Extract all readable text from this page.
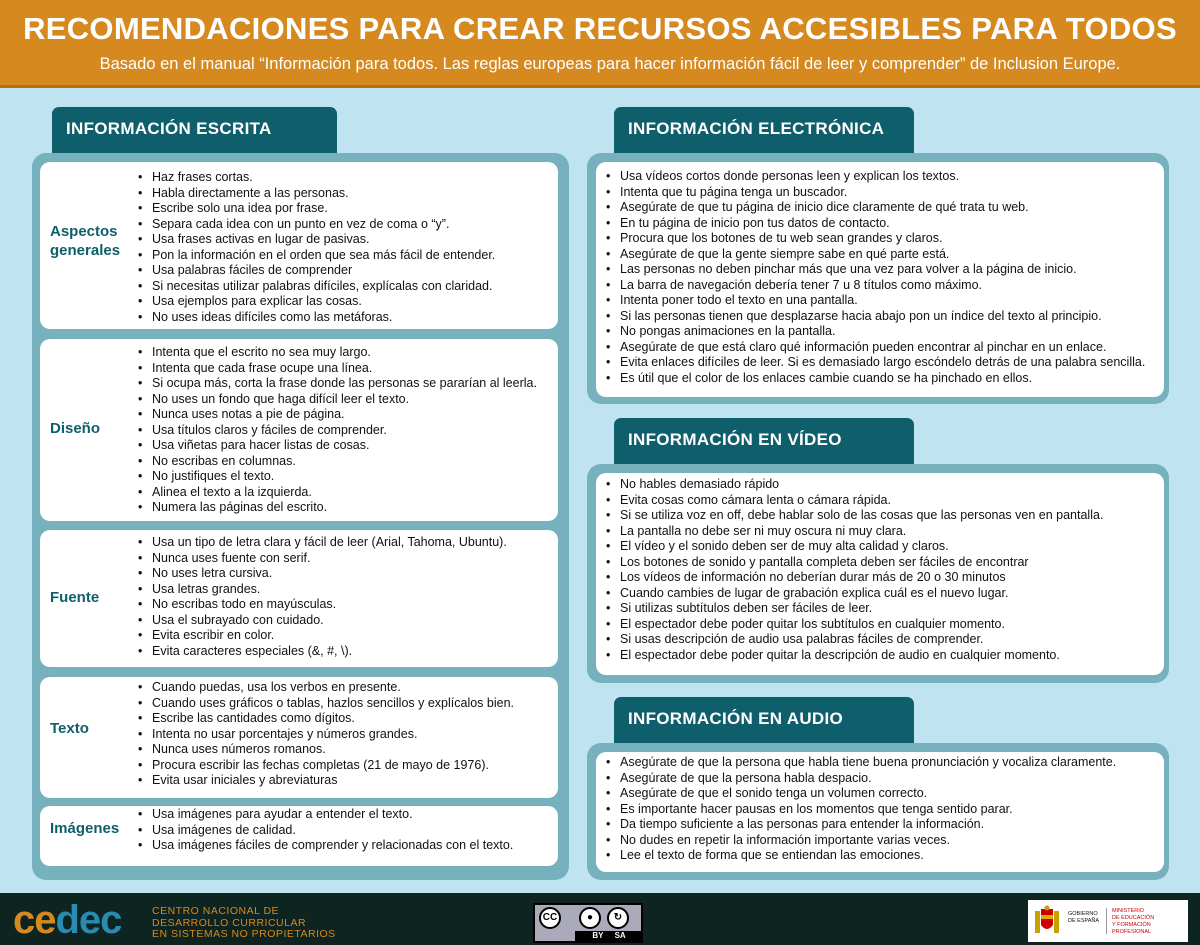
RECOMENDACIONES PARA CREAR RECURSOS ACCESIBLES PARA TODOS
Basado en el manual “Información para todos. Las reglas europeas para hacer información fácil de leer y comprender” de Inclusion Europe.
INFORMACIÓN ESCRITA
Aspectos generales
• Haz frases cortas.
• Habla directamente a las personas.
• Escribe solo una idea por frase.
• Separa cada idea con un punto en vez de coma o “y”.
• Usa frases activas en lugar de pasivas.
• Pon la información en el orden que sea más fácil de entender.
• Usa palabras fáciles de comprender
• Si necesitas utilizar palabras difíciles, explícalas con claridad.
• Usa ejemplos para explicar las cosas.
• No uses ideas difíciles como las metáforas.
Diseño
• Intenta que el escrito no sea muy largo.
• Intenta que cada frase ocupe una línea.
• Si ocupa más, corta la frase donde las personas se pararían al leerla.
• No uses un fondo que haga difícil leer el texto.
• Nunca uses notas a pie de página.
• Usa títulos claros y fáciles de comprender.
• Usa viñetas para hacer listas de cosas.
• No escribas en columnas.
• No justifiques el texto.
• Alinea el texto a la izquierda.
• Numera las páginas del escrito.
Fuente
• Usa un tipo de letra clara y fácil de leer (Arial, Tahoma, Ubuntu).
• Nunca uses fuente con serif.
• No uses letra cursiva.
• Usa letras grandes.
• No escribas todo en mayúsculas.
• Usa el subrayado con cuidado.
• Evita escribir en color.
• Evita caracteres especiales (&, #, \).
Texto
• Cuando puedas, usa los verbos en presente.
• Cuando uses gráficos o tablas, hazlos sencillos y explícalos bien.
• Escribe las cantidades como dígitos.
• Intenta no usar porcentajes y números grandes.
• Nunca uses números romanos.
• Procura escribir las fechas completas (21 de mayo de 1976).
• Evita usar iniciales y abreviaturas
Imágenes
• Usa imágenes para ayudar a entender el texto.
• Usa imágenes de calidad.
• Usa imágenes fáciles de comprender y relacionadas con el texto.
INFORMACIÓN ELECTRÓNICA
• Usa vídeos cortos donde personas leen y explican los textos.
• Intenta que tu página tenga un buscador.
• Asegúrate de que tu página de inicio dice claramente de qué trata tu web.
• En tu página de inicio pon tus datos de contacto.
• Procura que los botones de tu web sean grandes y claros.
• Asegúrate de que la gente siempre sabe en qué parte está.
• Las personas no deben pinchar más que una vez para volver a la página de inicio.
• La barra de navegación debería tener 7 u 8 títulos como máximo.
• Intenta poner todo el texto en una pantalla.
• Si las personas tienen que desplazarse hacia abajo pon un índice del texto al principio.
• No pongas animaciones en la pantalla.
• Asegúrate de que está claro qué información pueden encontrar al pinchar en un enlace.
• Evita enlaces difíciles de leer. Si es demasiado largo escóndelo detrás de una palabra sencilla.
• Es útil que el color de los enlaces cambie cuando se ha pinchado en ellos.
INFORMACIÓN EN VÍDEO
• No hables demasiado rápido
• Evita cosas como cámara lenta o cámara rápida.
• Si se utiliza voz en off, debe hablar solo de las cosas que las personas ven en pantalla.
• La pantalla no debe ser ni muy oscura ni muy clara.
• El vídeo y el sonido deben ser de muy alta calidad y claros.
• Los botones de sonido y pantalla completa deben ser fáciles de encontrar
• Los vídeos de información no deberían durar más de 20 o 30 minutos
• Cuando cambies de lugar de grabación explica cuál es el nuevo lugar.
• Si utilizas subtítulos deben ser fáciles de leer.
• El espectador debe poder quitar los subtítulos en cualquier momento.
• Si usas descripción de audio usa palabras fáciles de comprender.
• El espectador debe poder quitar la descripción de audio en cualquier momento.
INFORMACIÓN EN AUDIO
• Asegúrate de que la persona que habla tiene buena pronunciación y vocaliza claramente.
• Asegúrate de que la persona habla despacio.
• Asegúrate de que el sonido tenga un volumen correcto.
• Es importante hacer pausas en los momentos que tenga sentido parar.
• Da tiempo suficiente a las personas para entender la información.
• No dudes en repetir la información importante varias veces.
• Lee el texto de forma que se entiendan las emociones.
cedec	CENTRO NACIONAL DE
DESARROLLO CURRICULAR
EN SISTEMAS NO PROPIETARIOS
CC	●	↻
BY SA
GOBIERNO
DE ESPAÑA
MINISTERIO
DE EDUCACIÓN
Y FORMACIÓN PROFESIONAL
